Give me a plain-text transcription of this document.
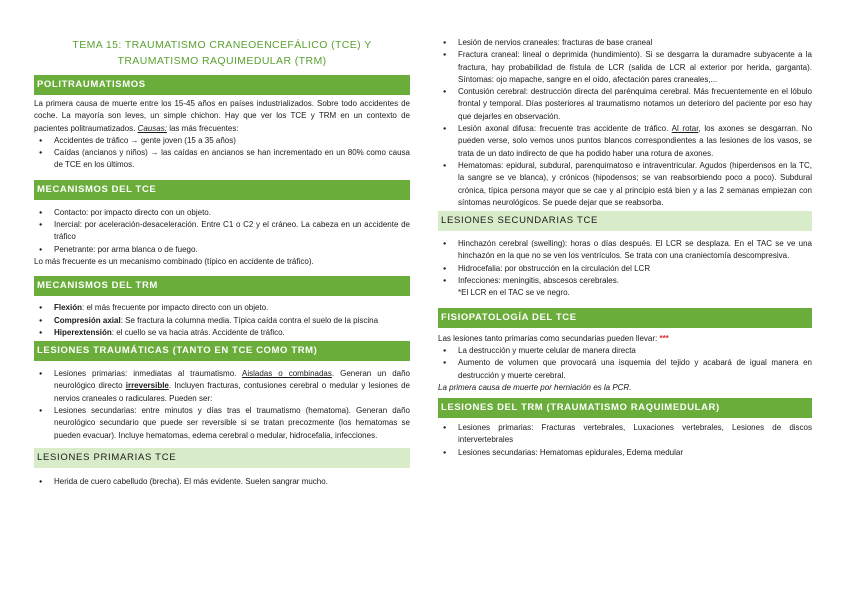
TEMA 15: TRAUMATISMO CRANEOENCEFÁLICO (TCE) Y
TRAUMATISMO RAQUIMEDULAR (TRM)
POLITRAUMATISMOS

La primera causa de muerte entre los 15-45 años en países industrializados. Sobre todo accidentes de coche. La mayoría son leves, un simple chichon. Hay que ver los TCE y TRM en un contexto de pacientes politraumatizados. Causas: las más frecuentes:

● Accidentes de tráfico → gente joven (15 a 35 años)
● Caídas (ancianos y niños) → las caídas en ancianos se han incrementado en un 80% como causa de TCE en los últimos.
MECANISMOS DEL TCE
● Contacto: por impacto directo con un objeto.
● Inercial: por aceleración-desaceleración. Entre C1 o C2 y el cráneo. La cabeza en un accidente de tráfico
● Penetrante: por arma blanca o de fuego.

Lo más frecuente es un mecanismo combinado (típico en accidente de tráfico).

MECANISMOS DEL TRM
● Flexión: el más frecuente por impacto directo con un objeto.
● Compresión axial: Se fractura la columna media. Típica caída contra el suelo de la piscina
● Hiperextensión: el cuello se va hacia atrás. Accidente de tráfico.
LESIONES TRAUMÁTICAS (TANTO EN TCE COMO TRM)
● Lesiones primarias: inmediatas al traumatismo. Aisladas o combinadas. Generan un daño neurológico directo irreversible. Incluyen fracturas, contusiones cerebral o medular y lesiones de nervios craneales o radiculares. Pueden ser:
● Lesiones secundarias: entre minutos y días tras el traumatismo (hematoma). Generan daño neurológico secundario que puede ser reversible si se tratan precozmente (los hematomas se pueden evacuar). Incluye hematomas, edema cerebral o medular, hidrocefalia, infecciones.
LESIONES PRIMARIAS TCE
● Herida de cuero cabelludo (brecha). El más evidente. Suelen sangrar mucho.
● Lesión de nervios craneales: fracturas de base craneal
● Fractura craneal: lineal o deprimida (hundimiento). Si se desgarra la duramadre subyacente a la fractura, hay probabilidad de fístula de LCR (salida de LCR al exterior por herida, garganta). Síntomas: ojo mapache, sangre en el oído, afectación pares craneales,...
● Contusión cerebral: destrucción directa del parénquima cerebral. Más frecuentemente en el lóbulo frontal y temporal. Días posteriores al traumatismo notamos un deterioro del paciente por eso hay que dejarles en observación.
● Lesión axonal difusa: frecuente tras accidente de tráfico. Al rotar, los axones se desgarran. No pueden verse, solo vemos unos puntos blancos correspondientes a las lesiones de los vasos, se trata de un dato indirecto de que ha podido haber una rotura de axones.
● Hematomas: epidural, subdural, parenquimatoso e intraventricular. Agudos (hiperdensos en la TC, la sangre se ve blanca), y crónicos (hipodensos; se van reabsorbiendo poco a poco). Subdural crónica, típica persona mayor que se cae y al principio está bien y a las 2 semanas empiezan con síntomas neurológicos. Se puede dejar que se reabsorba.
LESIONES SECUNDARIAS TCE
● Hinchazón cerebral (swelling): horas o días después. El LCR se desplaza. En el TAC se ve una hinchazón en la que no se ven los ventrículos. Se trata con una craniectomía descompresiva.
● Hidrocefalia: por obstrucción en la circulación del LCR
● Infecciones: meningitis, abscesos cerebrales.
*El LCR en el TAC se ve negro.
FISIOPATOLOGÍA DEL TCE

Las lesiones tanto primarias como secundarias pueden llevar: ***

● La destrucción y muerte celular de manera directa
● Aumento de volumen que provocará una isquemia del tejido y acabará de igual manera en destrucción y muerte cerebral.

La primera causa de muerte por herniación es la PCR.

LESIONES DEL TRM (TRAUMATISMO RAQUIMEDULAR)
● Lesiones primarias: Fracturas vertebrales, Luxaciones vertebrales, Lesiones de discos intervertebrales
● Lesiones secundarias: Hematomas epidurales, Edema medular
